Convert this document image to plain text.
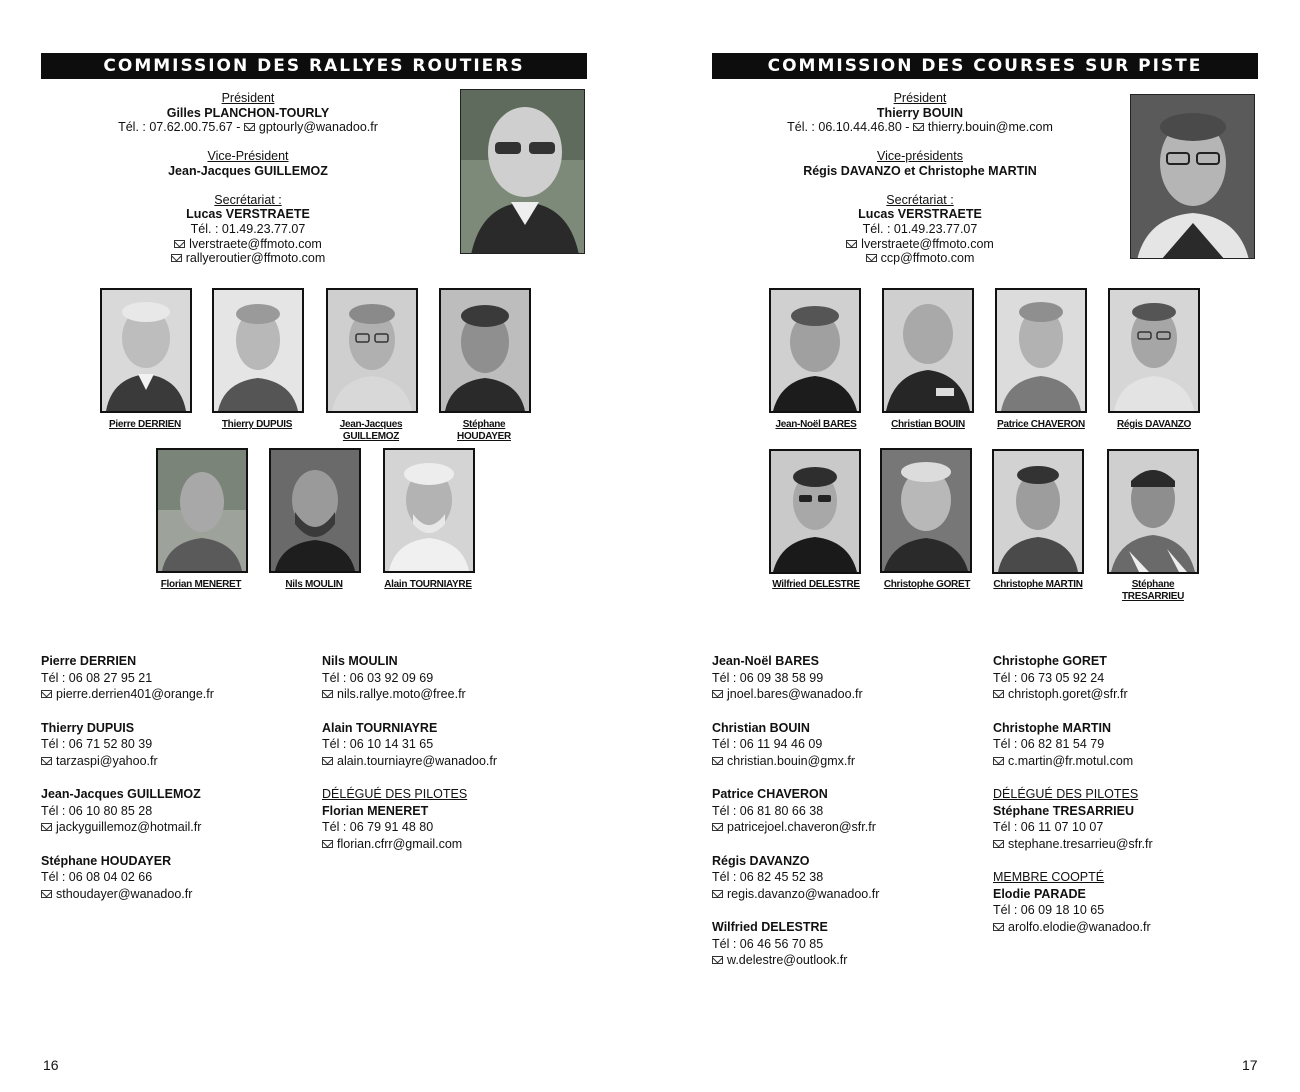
COMMISSION DES RALLYES ROUTIERS
Président
Gilles PLANCHON-TOURLY
Tél. : 07.62.00.75.67 - gptourly@wanadoo.fr
Vice-Président
Jean-Jacques GUILLEMOZ
Secrétariat :
Lucas VERSTRAETE
Tél. : 01.49.23.77.07
lverstraete@ffmoto.com
rallyeroutier@ffmoto.com
Pierre DERRIEN	Thierry DUPUIS	Jean-Jacques
GUILLEMOZ
Stéphane
HOUDAYER
Florian MENERET	Nils MOULIN	Alain TOURNIAYRE
Pierre DERRIEN
Tél : 06 08 27 95 21
pierre.derrien401@orange.fr
Thierry DUPUIS
Tél : 06 71 52 80 39
tarzaspi@yahoo.fr
Jean-Jacques GUILLEMOZ
Tél : 06 10 80 85 28
jackyguillemoz@hotmail.fr
Stéphane HOUDAYER
Tél : 06 08 04 02 66
sthoudayer@wanadoo.fr
Nils MOULIN
Tél : 06 03 92 09 69
nils.rallye.moto@free.fr
Alain TOURNIAYRE
Tél : 06 10 14 31 65
alain.tourniayre@wanadoo.fr
DÉLÉGUÉ DES PILOTES
Florian MENERET
Tél : 06 79 91 48 80
florian.cfrr@gmail.com
16
COMMISSION DES COURSES SUR PISTE
Président
Thierry BOUIN
Tél. : 06.10.44.46.80 - thierry.bouin@me.com
Vice-présidents
Régis DAVANZO et Christophe MARTIN
Secrétariat :
Lucas VERSTRAETE
Tél. : 01.49.23.77.07
lverstraete@ffmoto.com
ccp@ffmoto.com
Jean-Noël BARES	Christian BOUIN	Patrice CHAVERON	Régis DAVANZO
Wilfried DELESTRE	Christophe GORET	Christophe MARTIN	Stéphane
TRESARRIEU
Jean-Noël BARES
Tél : 06 09 38 58 99
jnoel.bares@wanadoo.fr
Christian BOUIN
Tél : 06 11 94 46 09
christian.bouin@gmx.fr
Patrice CHAVERON
Tél : 06 81 80 66 38
patricejoel.chaveron@sfr.fr
Régis DAVANZO
Tél : 06 82 45 52 38
regis.davanzo@wanadoo.fr
Wilfried DELESTRE
Tél : 06 46 56 70 85
w.delestre@outlook.fr
Christophe GORET
Tél : 06 73 05 92 24
christoph.goret@sfr.fr
Christophe MARTIN
Tél : 06 82 81 54 79
c.martin@fr.motul.com
DÉLÉGUÉ DES PILOTES
Stéphane TRESARRIEU
Tél : 06 11 07 10 07
stephane.tresarrieu@sfr.fr
MEMBRE COOPTÉ
Elodie PARADE
Tél : 06 09 18 10 65
arolfo.elodie@wanadoo.fr
17
